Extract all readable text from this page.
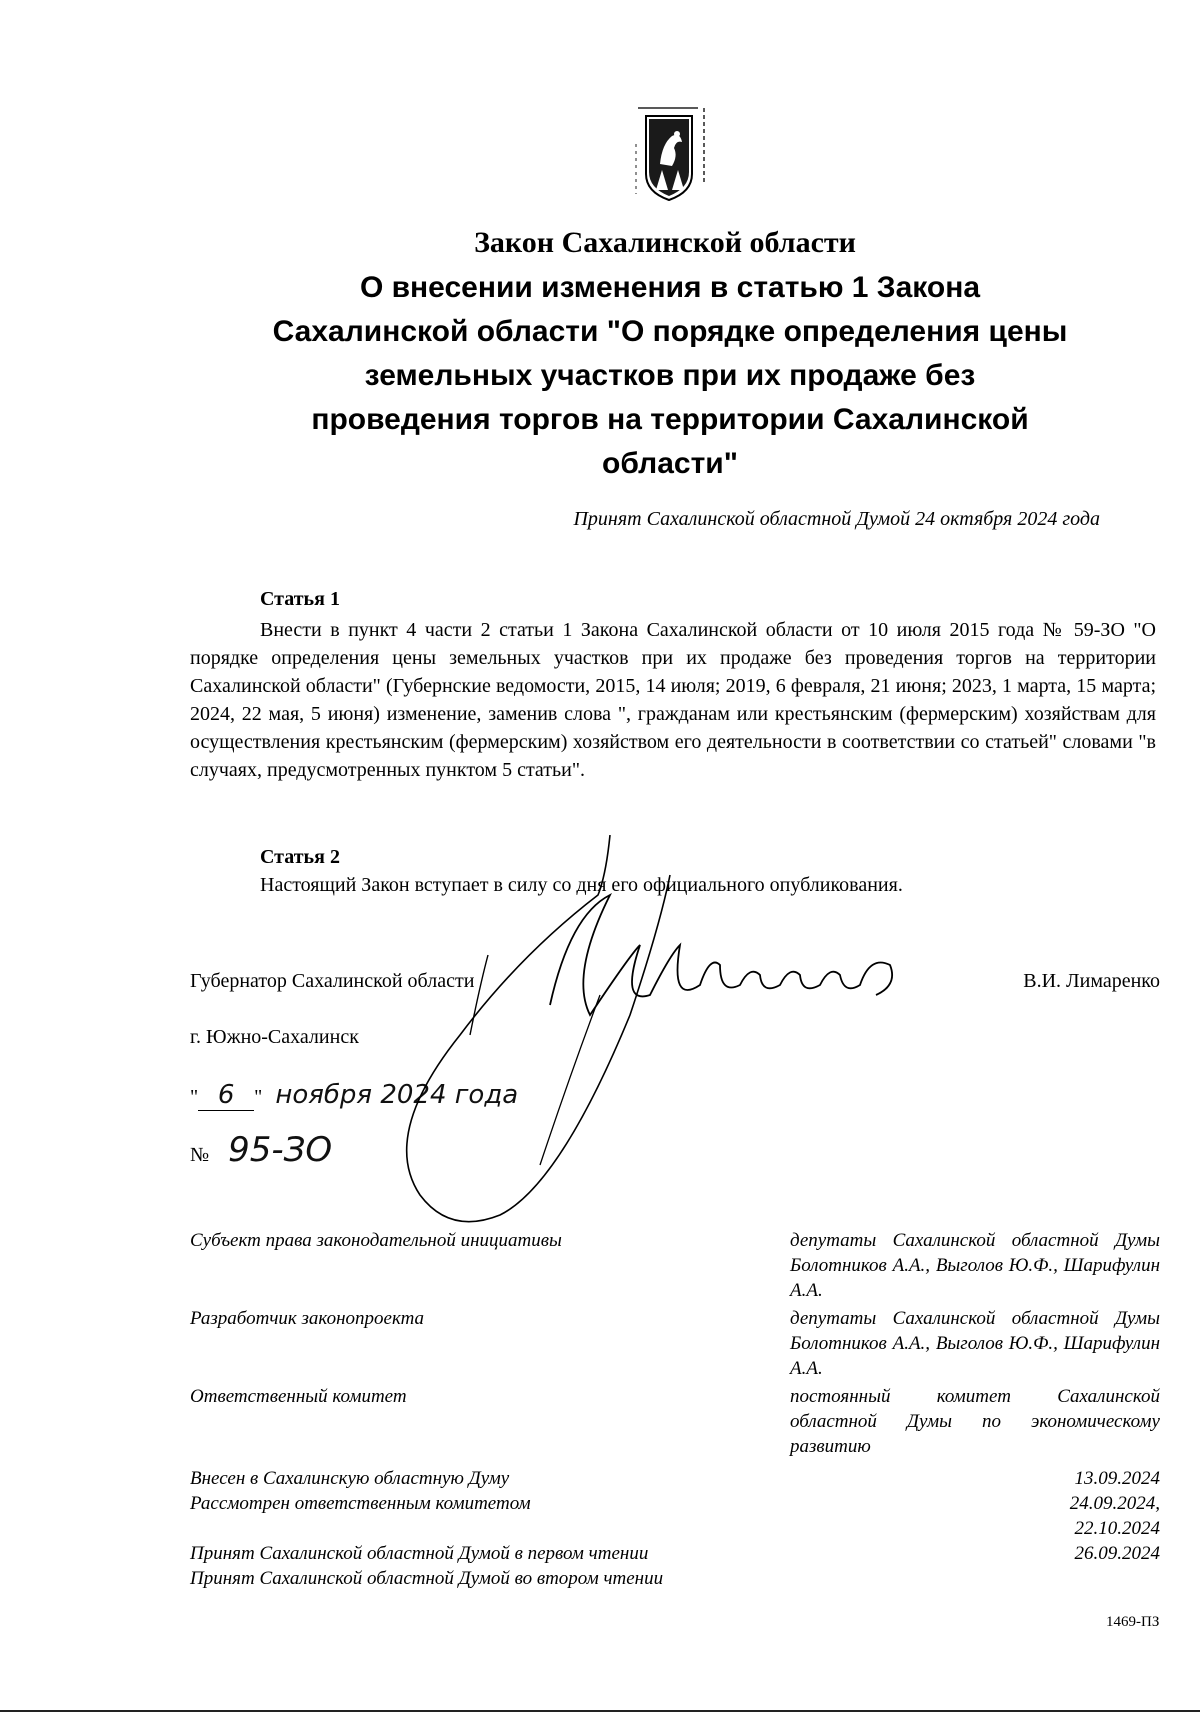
Закон Сахалинской области
О внесении изменения в статью 1 Закона
Сахалинской области "О порядке определения цены
земельных участков при их продаже без
проведения торгов на территории Сахалинской
области"
Принят Сахалинской областной Думой 24 октября 2024 года
Статья 1

Внести в пункт 4 части 2 статьи 1 Закона Сахалинской области от 10 июля 2015 года № 59-ЗО "О порядке определения цены земельных участков при их продаже без проведения торгов на территории Сахалинской области" (Губернские ведомости, 2015, 14 июля; 2019, 6 февраля, 21 июня; 2023, 1 марта, 15 марта; 2024, 22 мая, 5 июня) изменение, заменив слова ", гражданам или крестьянским (фермерским) хозяйствам для осуществления крестьянским (фермерским) хозяйством его деятельности в соответствии со статьей" словами "в случаях, предусмотренных пунктом 5 статьи".

Статья 2
Настоящий Закон вступает в силу со дня его официального опубликования.
Губернатор Сахалинской области	В.И. Лимаренко
г. Южно-Сахалинск
" 6 " ноября 2024 года
№ 95-ЗО
Субъект права законодательной инициативы	депутаты Сахалинской областной Думы Болотников А.А., Выголов Ю.Ф., Шарифулин А.А.
Разработчик законопроекта	депутаты Сахалинской областной Думы Болотников А.А., Выголов Ю.Ф., Шарифулин А.А.
Ответственный комитет	постоянный комитет Сахалинской областной Думы по экономическому развитию
Внесен в Сахалинскую областную Думу	13.09.2024
Рассмотрен ответственным комитетом	24.09.2024,
22.10.2024
Принят Сахалинской областной Думой в первом чтении	26.09.2024
Принят Сахалинской областной Думой во втором чтении
1469-ПЗ
